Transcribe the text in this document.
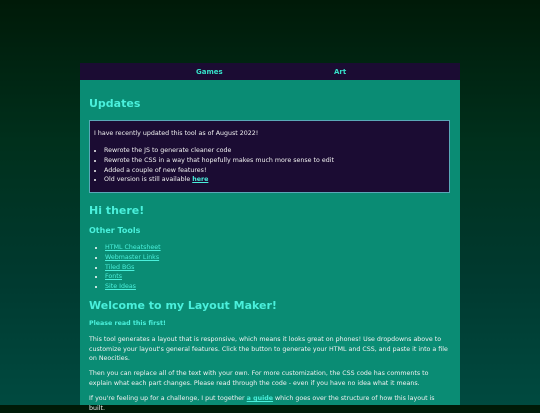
Games	Art
Updates
I have recently updated this tool as of August 2022!
• Rewrote the JS to generate cleaner code
• Rewrote the CSS in a way that hopefully makes much more sense to edit
• Added a couple of new features!
• Old version is still available here
Hi there!
Other Tools
• HTML Cheatsheet
• Webmaster Links
• Tiled BGs
• Fonts
• Site Ideas
Welcome to my Layout Maker!
Please read this first!

This tool generates a layout that is responsive, which means it looks great on phones! Use dropdowns above to customize your layout's general features. Click the button to generate your HTML and CSS, and paste it into a file on Neocities.

Then you can replace all of the text with your own. For more customization, the CSS code has comments to explain what each part changes. Please read through the code - even if you have no idea what it means.

If you're feeling up for a challenge, I put together a guide which goes over the structure of how this layout is built.
